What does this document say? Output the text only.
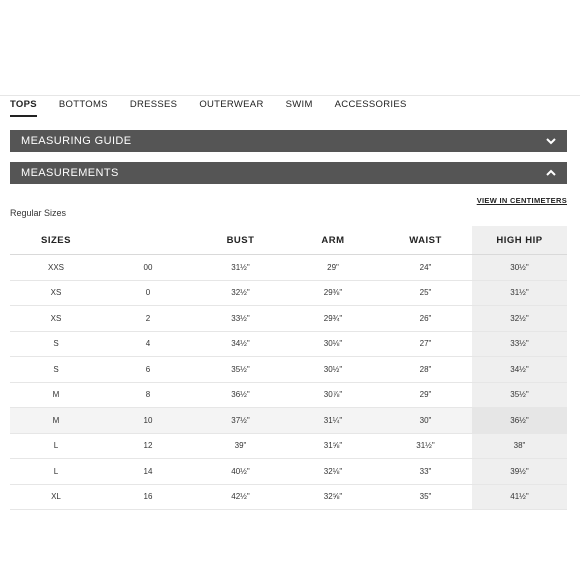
TOPS BOTTOMS DRESSES OUTERWEAR SWIM ACCESSORIES
MEASURING GUIDE
MEASUREMENTS
VIEW IN CENTIMETERS
Regular Sizes
SIZES		BUST	ARM	WAIST	HIGH HIP
XXS	00	31½"	29"	24"	30½"
XS	0	32½"	29⅜"	25"	31½"
XS	2	33½"	29¾"	26"	32½"
S	4	34½"	30⅛"	27"	33½"
S	6	35½"	30½"	28"	34½"
M	8	36½"	30⅞"	29"	35½"
M	10	37½"	31¼"	30"	36½"
L	12	39"	31⅝"	31½"	38"
L	14	40½"	32⅛"	33"	39½"
XL	16	42½"	32⅝"	35"	41½"
